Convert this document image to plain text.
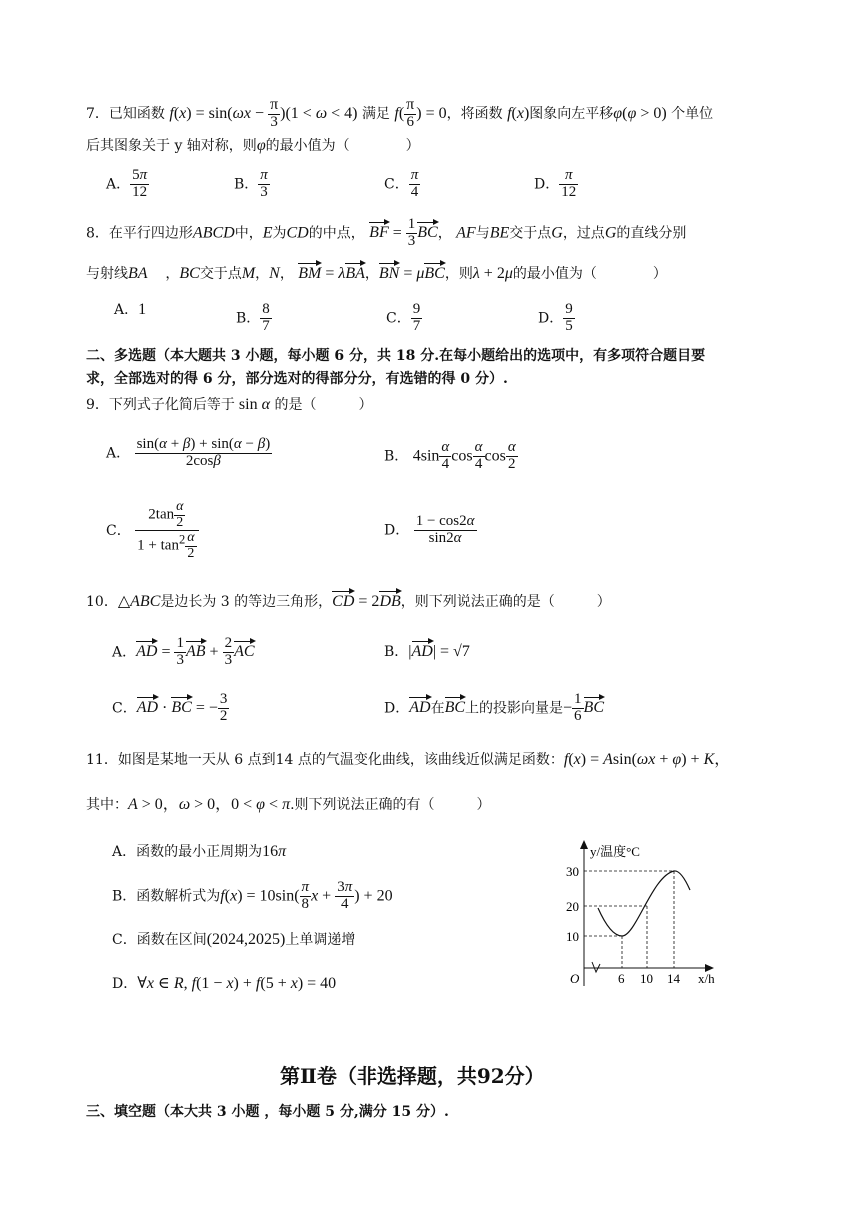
7．已知函数 $f(x) = \sin(\omega x - \frac{\pi}{3} )(1 < \omega < 4)$ 满足 $f( \frac{\pi}{6}$ ) = 0，将函数 f(x)图象向左平移φ(φ > 0) 个单位
后其图象关于 y 轴对称，则φ的最小值为（　　　　）
A． $\frac{5\pi}{12}$	B． $\frac{\pi}{3}$	C． $\frac{\pi}{4}$	D． $\frac{\pi}{12}$
8．在平行四边形ABCD中，E为CD的中点， BF = $\frac{1}{3}$ BC， AF与BE交于点G，过点G的直线分别
与射线BA ，BC交于点M，N， BM = λBA，BN = μBC，则λ + 2μ的最小值为（　　　　）
A．1
B． $\frac{8}{7}$	C． $\frac{9}{7}$	D． $\frac{9}{5}$
二、多选题（本大题共 3 小题，每小题 6 分，共 18 分.在每小题给出的选项中，有多项符合题目要
求，全部选对的得 6 分，部分选对的得部分分，有选错的得 0 分）.
9．下列式子化简后等于 sin α 的是（　　　）
A． $\frac{\sin(\alpha + \beta) + \sin(\alpha - \beta)}{2\cos\beta}$	B． $4\sin \frac{\alpha}{4}$ $\cos \frac{\alpha}{4}$ $\cos \frac{\alpha}{2}$
C． $\frac{2\tan \frac{\alpha}{2}}{1 + \tan^2 \frac{\alpha}{2}}$	D． $\frac{1 - \cos 2\alpha}{\sin 2\alpha}$
10．△ABC是边长为 3 的等边三角形，CD = 2DB，则下列说法正确的是（　　　）
A．AD = $\frac{1}{3}$ AB + $\frac{2}{3}$ AC	B．|AD| = √7
C．AD · BC = − $\frac{3}{2}$	D．AD在BC上的投影向量是− $\frac{1}{6}$ BC
11．如图是某地一天从 6 点到14 点的气温变化曲线，该曲线近似满足函数：f(x) = Asin(ωx + φ) + K，
其中：A > 0，ω > 0，0 < φ < π.则下列说法正确的有（　　　）
A．函数的最小正周期为16π
B．函数解析式为$f(x) = 10\sin( \frac{\pi}{8}$ $x + \frac{3\pi}{4}$ ) + 20
C．函数在区间(2024,2025)上单调递增
D．∀x ∈ R, f(1 − x) + f(5 + x) = 40
y/温度°C
x/h
O
30
20
10
6 10 14
第Ⅱ卷（非选择题，共92分）
三、填空题（本大共 3 小题 ，每小题 5 分,满分 15 分）.
